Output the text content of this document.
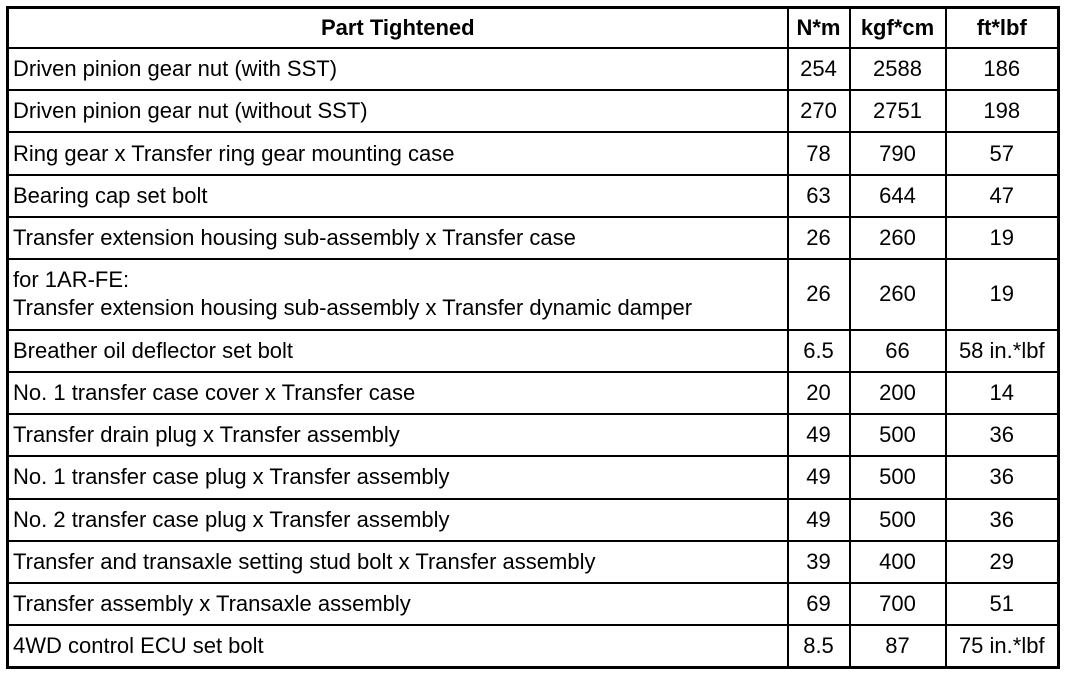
Part Tightened	N*m	kgf*cm	ft*lbf

Driven pinion gear nut (with SST)	254	2588	186

Driven pinion gear nut (without SST)	270	2751	198

Ring gear x Transfer ring gear mounting case	78	790	57

Bearing cap set bolt	63	644	47

Transfer extension housing sub-assembly x Transfer case	26	260	19

for 1AR-FE:
Transfer extension housing sub-assembly x Transfer dynamic damper	26	260	19

Breather oil deflector set bolt	6.5	66	58 in.*lbf

No. 1 transfer case cover x Transfer case	20	200	14

Transfer drain plug x Transfer assembly	49	500	36

No. 1 transfer case plug x Transfer assembly	49	500	36

No. 2 transfer case plug x Transfer assembly	49	500	36

Transfer and transaxle setting stud bolt x Transfer assembly	39	400	29

Transfer assembly x Transaxle assembly	69	700	51

4WD control ECU set bolt	8.5	87	75 in.*lbf
